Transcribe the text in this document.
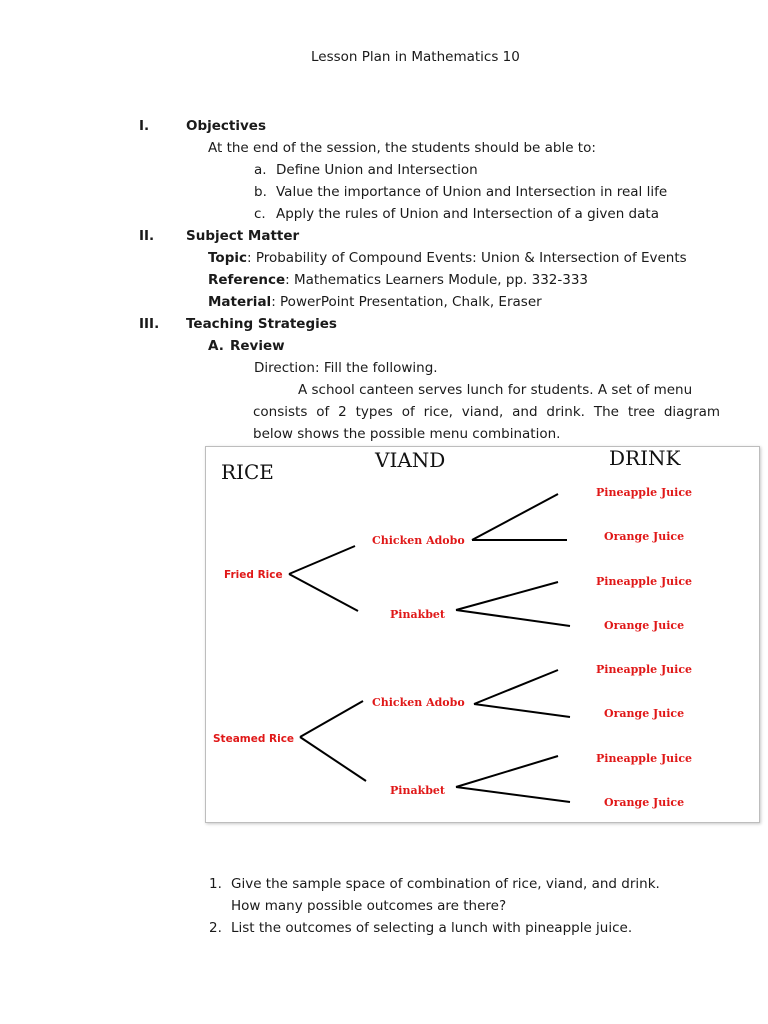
Lesson Plan in Mathematics 10
I.	Objectives
At the end of the session, the students should be able to:
a. Define Union and Intersection
b. Value the importance of Union and Intersection in real life
c. Apply the rules of Union and Intersection of a given data
II. Subject Matter
Topic: Probability of Compound Events: Union & Intersection of Events
Reference: Mathematics Learners Module, pp. 332-333
Material: PowerPoint Presentation, Chalk, Eraser
III. Teaching Strategies
A. Review
Direction: Fill the following.
A school canteen serves lunch for students. A set of menu
consists of 2 types of rice, viand, and drink. The tree diagram
below shows the possible menu combination.
RICE	VIAND	DRINK
Fried Rice
Steamed Rice
Chicken Adobo
Pinakbet
Chicken Adobo
Pinakbet
Pineapple Juice
Orange Juice
Pineapple Juice
Orange Juice
Pineapple Juice
Orange Juice
Pineapple Juice
Orange Juice
1. Give the sample space of combination of rice, viand, and drink.
How many possible outcomes are there?
2. List the outcomes of selecting a lunch with pineapple juice.
